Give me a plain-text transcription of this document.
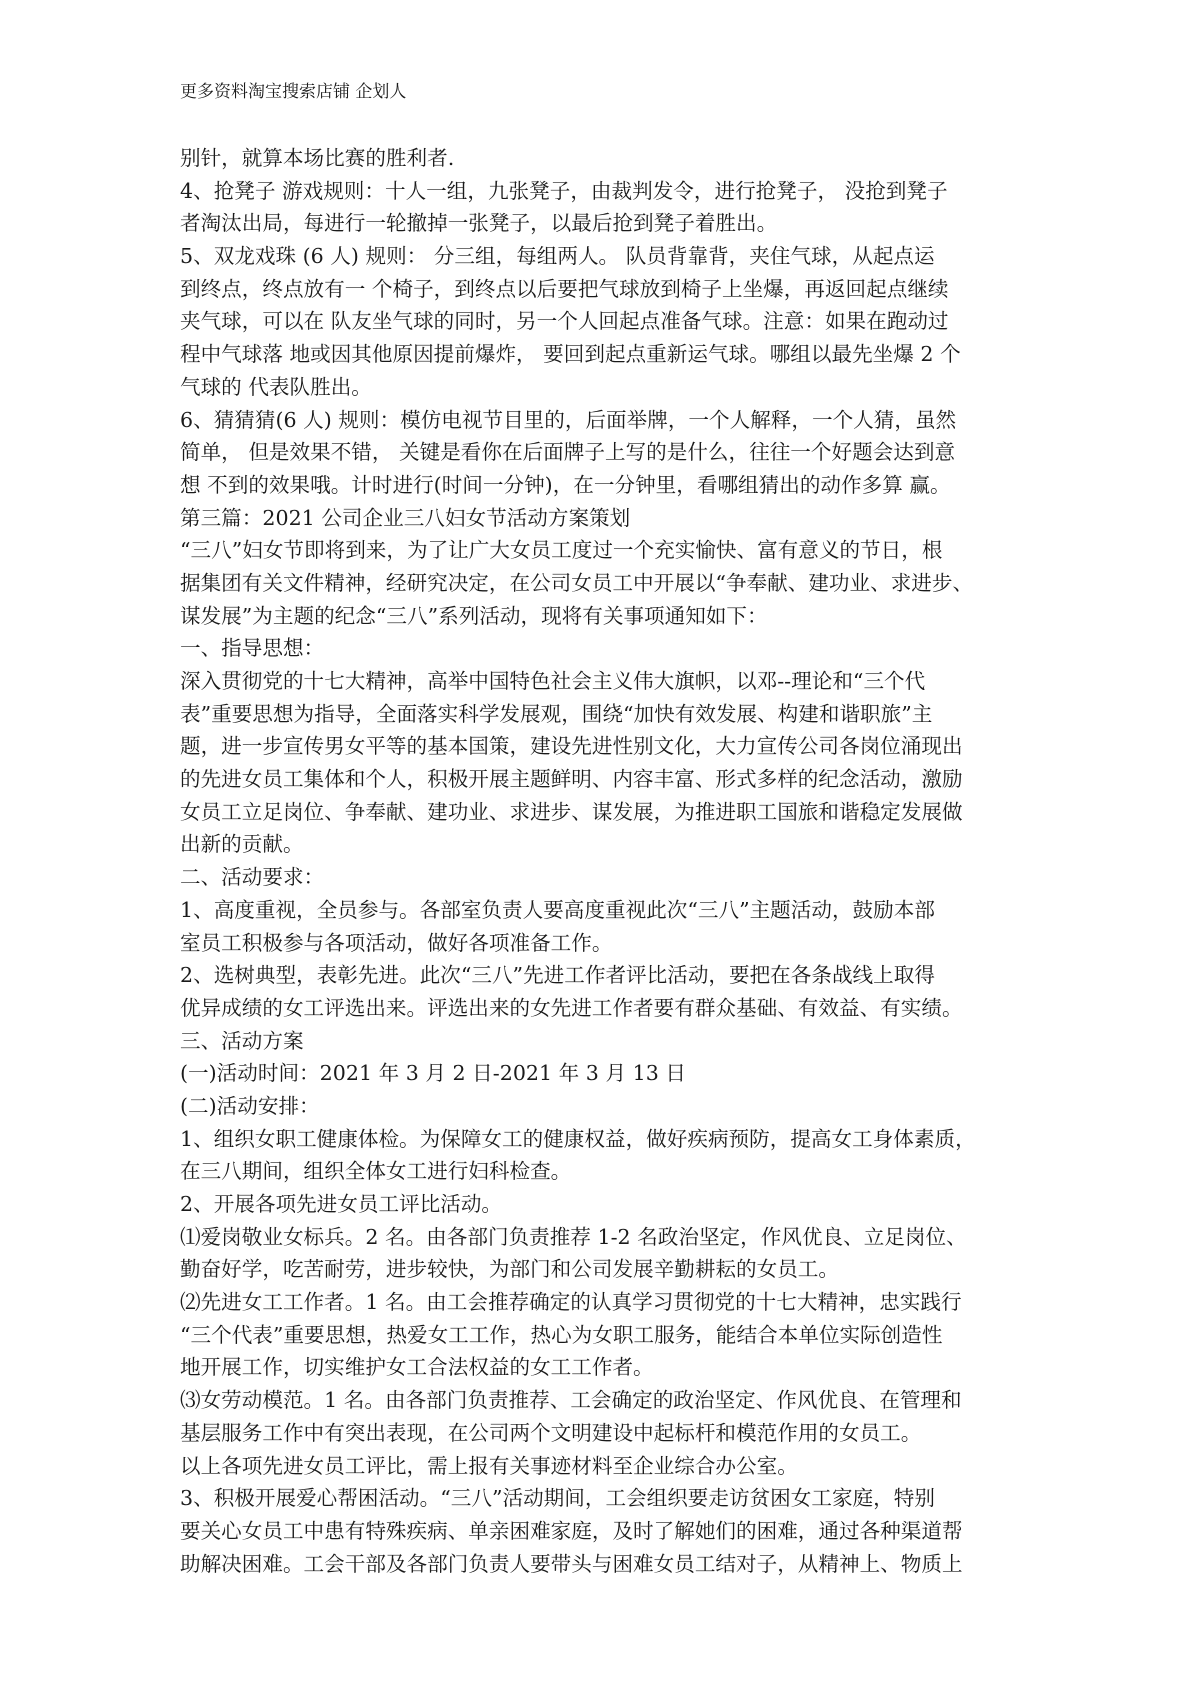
更多资料淘宝搜索店铺 企划人
别针，就算本场比赛的胜利者.
4、抢凳子 游戏规则：十人一组，九张凳子，由裁判发令，进行抢凳子， 没抢到凳子
者淘汰出局，每进行一轮撤掉一张凳子，以最后抢到凳子着胜出。
5、双龙戏珠 (6 人) 规则： 分三组，每组两人。 队员背靠背，夹住气球，从起点运
到终点，终点放有一 个椅子，到终点以后要把气球放到椅子上坐爆，再返回起点继续
夹气球，可以在 队友坐气球的同时，另一个人回起点准备气球。注意：如果在跑动过
程中气球落 地或因其他原因提前爆炸， 要回到起点重新运气球。哪组以最先坐爆 2 个
气球的 代表队胜出。
6、猜猜猜(6 人) 规则：模仿电视节目里的，后面举牌，一个人解释，一个人猜，虽然
简单， 但是效果不错， 关键是看你在后面牌子上写的是什么，往往一个好题会达到意
想 不到的效果哦。计时进行(时间一分钟)，在一分钟里，看哪组猜出的动作多算 赢。
第三篇：2021 公司企业三八妇女节活动方案策划
“三八”妇女节即将到来，为了让广大女员工度过一个充实愉快、富有意义的节日，根
据集团有关文件精神，经研究决定，在公司女员工中开展以“争奉献、建功业、求进步、
谋发展”为主题的纪念“三八”系列活动，现将有关事项通知如下：
一、指导思想：
深入贯彻党的十七大精神，高举中国特色社会主义伟大旗帜，以邓--理论和“三个代
表”重要思想为指导，全面落实科学发展观，围绕“加快有效发展、构建和谐职旅”主
题，进一步宣传男女平等的基本国策，建设先进性别文化，大力宣传公司各岗位涌现出
的先进女员工集体和个人，积极开展主题鲜明、内容丰富、形式多样的纪念活动，激励
女员工立足岗位、争奉献、建功业、求进步、谋发展，为推进职工国旅和谐稳定发展做
出新的贡献。
二、活动要求：
1、高度重视，全员参与。各部室负责人要高度重视此次“三八”主题活动，鼓励本部
室员工积极参与各项活动，做好各项准备工作。
2、选树典型，表彰先进。此次“三八”先进工作者评比活动，要把在各条战线上取得
优异成绩的女工评选出来。评选出来的女先进工作者要有群众基础、有效益、有实绩。
三、活动方案
(一)活动时间：2021 年 3 月 2 日-2021 年 3 月 13 日
(二)活动安排：
1、组织女职工健康体检。为保障女工的健康权益，做好疾病预防，提高女工身体素质，
在三八期间，组织全体女工进行妇科检查。
2、开展各项先进女员工评比活动。
⑴爱岗敬业女标兵。2 名。由各部门负责推荐 1-2 名政治坚定，作风优良、立足岗位、
勤奋好学，吃苦耐劳，进步较快，为部门和公司发展辛勤耕耘的女员工。
⑵先进女工工作者。1 名。由工会推荐确定的认真学习贯彻党的十七大精神，忠实践行
“三个代表”重要思想，热爱女工工作，热心为女职工服务，能结合本单位实际创造性
地开展工作，切实维护女工合法权益的女工工作者。
⑶女劳动模范。1 名。由各部门负责推荐、工会确定的政治坚定、作风优良、在管理和
基层服务工作中有突出表现，在公司两个文明建设中起标杆和模范作用的女员工。
以上各项先进女员工评比，需上报有关事迹材料至企业综合办公室。
3、积极开展爱心帮困活动。“三八”活动期间，工会组织要走访贫困女工家庭，特别
要关心女员工中患有特殊疾病、单亲困难家庭，及时了解她们的困难，通过各种渠道帮
助解决困难。工会干部及各部门负责人要带头与困难女员工结对子，从精神上、物质上
